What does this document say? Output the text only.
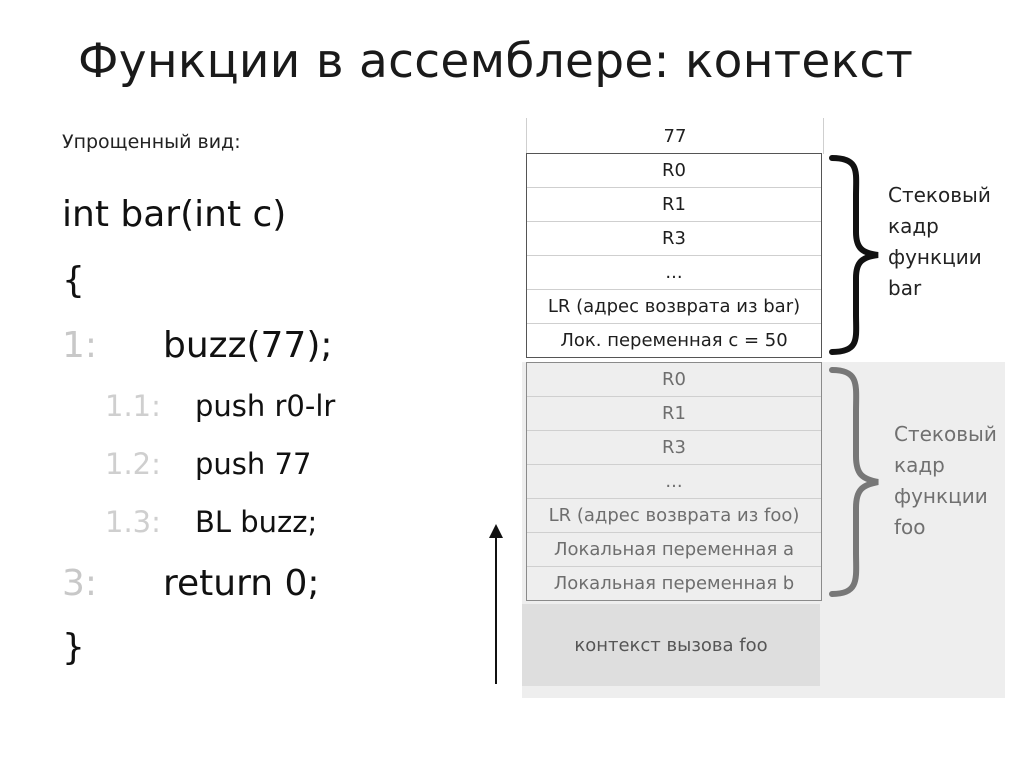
Функции в ассемблере: контекст
Упрощенный вид:
int bar(int c)
{
1: buzz(77);
1.1: push r0-lr
1.2: push 77
1.3: BL buzz;
3: return 0;
}
77
R0
R1
R3
...
LR (адрес возврата из bar)
Лок. переменная c = 50
R0
R1
R3
...
LR (адрес возврата из foo)
Локальная переменная a
Локальная переменная b
контекст вызова foo
Стековый
кадр
функции
bar
Стековый
кадр
функции
foo
